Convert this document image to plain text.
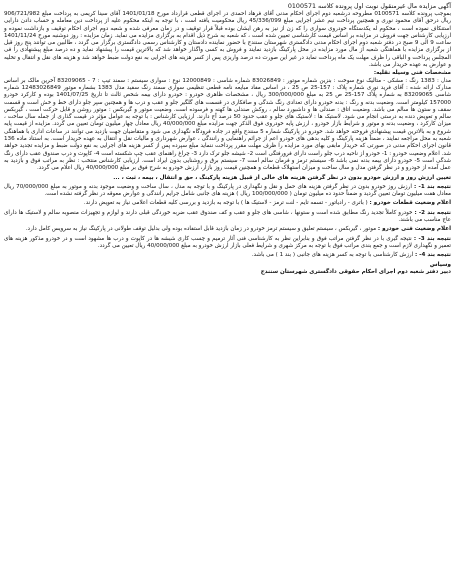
آگهی مزایده مال غیرمنقول نوبت اول پرونده کلاسه 0100571

بموجب پرونده کلاسه 0100571 مطروحه درشعبه دوم اجرای احکام مدنی آقای فرهاد احمدی در اجرای قطعی قرارداد مورخ 1401/01/18 آقای سینا کریمی به پرداخت مبلغ 906/721/982 ریال درحق آقای محمود نوری و همچنین پرداخت نیم عشر اجرایی مبلغ 45/336/099 ریال محکومیت یافته است ، با توجه به اینکه محکوم علیه از پرداخت دین معامله و حساب دادن دارایی استنکاف نموده است ، محکوم له یکدستگاه خودروی سواری را که زن از نیز به رهن ایشان بوده قبلاً قرار توقیف و در زمان معرفی شده و شعبه دوم اجرای احکام توقیف و بازداشت نموده و ارزیابی کارشناس جهت فروش در مزایده بر اساس قیمت کارشناسی تعیین شده است ، که شعبه به شرح ذیل اقدام به برگزاری مزایده می نماید. زمان مزایده : روز دوشنبه مورخ 1401/11/24 ساعت 9 الی 9 صبح در دفتر شعبه دوم اجرای احکام مدنی دادگستری شهرستان سنندج با حضور نماینده دادستان و کارشناس رسمی دادگستری برگزار می گردد ، طالبین می توانند پنج روز قبل از برگزاری مزایده با هماهنگی شعبه از مال مورد مزایده در محل پارکینگ بازدید نمایند و فروش به کسی واگذار خواهد شد که بالاترین قیمت را پیشنهاد نماید و ده درصد مبلغ پیشنهادی را فی المجلس پرداخت و الباقی را ظرف مهلت یک ماه پرداخت نماید در غیر این صورت ده درصد واریزی پس از کسر هزینه های اجرایی به نفع دولت ضبط خواهد شد و هزینه های نقل و انتقال و تخلیه و عوارض به عهده خریدار می باشد.

مشخصات فنی وسیله نقلیه:

مدل : 1383 رنگ : مشکی - متالیک نوع سوخت : بنزین شماره موتور : 83026849 شماره شاسی : 12000849 نوع : سواری سیستم : سمند تیپ : 7 - 83209065 آخرین مالک بر اساس مدارک ارائه شده : آقای فرید نوری شماره پلاک : 157-25 ص 25 ، در اساس مفاد مبایعه نامه قطعی تنظیمی سواری سمند رنگ سفید مدل 1383 بشماره موتور 12483026849 شماره شاسی 83209065 به شماره پلاک 157-25 ص 25 به مبلغ 300/000/000 ریال ، مشخصات ظاهری خودرو : خودرو دارای بیمه شخص ثالث تا تاریخ 1401/07/25 بوده و کارکرد خودرو 157000 کیلومتر است. وضعیت بدنه و رنگ : بدنه خودرو دارای تعدادی رنگ شدگی و صافکاری در قسمت های گلگیر جلو و عقب و درب ها و همچنین سپر جلو دارای خط و خش است و قسمت سقف و ستون ها سالم می باشد. وضعیت اتاق : صندلی ها و داشبورد سالم ، روکش صندلی ها کهنه و فرسوده است. وضعیت موتور و گیربکس : موتور روشن و قابل حرکت است ، گیربکس سالم و تعویض دنده به درستی انجام می شود. لاستیک ها : لاستیک های جلو و عقب حدود 50 درصد آج دارند. ارزیابی کارشناس : با توجه به عوامل مؤثر در قیمت گذاری از جمله سال ساخت ، میزان کارکرد ، وضعیت بدنه و موتور و شرایط بازار خودرو ، ارزش پایه خودروی فوق الذکر جهت مزایده مبلغ 40/000/000 ریال معادل چهار میلیون تومان تعیین می گردد. مزایده از قیمت پایه شروع و به بالاترین قیمت پیشنهادی فروخته خواهد شد. خودرو در پارکینگ شماره 5 سنندج واقع در جاده فرودگاه نگهداری می شود و متقاضیان جهت بازدید می توانند در ساعات اداری با هماهنگی شعبه به محل مراجعه نمایند ، ضمناً هزینه پارکینگ و کلیه بدهی های خودرو اعم از جرائم راهنمایی و رانندگی ، عوارض شهرداری و مالیات نقل و انتقال به عهده خریدار است. به استناد ماده 136 قانون اجرای احکام مدنی در صورتی که خریدار مابقی بهای مورد مزایده را ظرف مهلت مقرر پرداخت ننماید مبلغ سپرده پس از کسر هزینه های اجرایی به نفع دولت ضبط و مزایده تجدید خواهد شد. اعلام وضعیت خودرو : 1- خودرو از ناحیه درب جلو راست دارای فرورفتگی است 2- شیشه جلو ترک دارد 3- چراغ راهنمای عقب چپ شکسته است 4- کاپوت و درب صندوق عقب دارای رنگ شدگی است 5- خودرو دارای بیمه بدنه نمی باشد 6- سیستم ترمز و فرمان سالم است 7- سیستم برق و روشنایی بدون ایراد است. ارزیابی کارشناس منتخب : نظر به مراتب فوق و بازدید به عمل آمده از خودرو و در نظر گرفتن مدل و سال ساخت و میزان استهلاک قطعات و همچنین قیمت روز بازار، ارزش خودرو به شرح فوق بر مبلغ 40/000/000 ریال اعلام می گردد.

تعیین ارزش روز و ارزش خودرو بدون در نظر گرفتن هزینه های خالی از قبیل هزینه پارکینگ ، حق و انتقال ، بیمه ، ثبت ، ...

نتیجه بند 1- : ارزش روز خودرو بدون در نظر گرفتن هزینه های حمل و نقل و نگهداری در پارکینگ و با توجه به مدل ، سال ساخت و وضعیت موجود بدنه و موتور به مبلغ 70/000/000 ریال معادل هفت میلیون تومان تعیین گردید و ضمناً حدود ده میلیون تومان ( 100/000/000 ریال ) هزینه های جانبی شامل جرایم رانندگی و عوارض معوقه در نظر گرفته نشده است.

اعلام وضعیت قطعات خودرو : ( باتری - رادیاتور - تسمه تایم - لنت ترمز - لاستیک ها ) با توجه به بازدید و بررسی کلیه قطعات اعلامی نیاز به تعویض دارند.

نتیجه بند 2- : خودرو کاملاً تجدید رنگ مطابق شده است و ستونها ، شاسی های جلو و عقب و کف صندوق عقب ضربه خوردگی قبلی دارند و لوازم و تجهیزات منصوبه سالم و لاستیک ها دارای عاج مناسب می باشند.

اعلام وضعیت فنی خودرو : موتور ، گیربکس ، سیستم تعلیق و سیستم ترمز خودرو در زمان بازدید قابل استفاده بوده ولی بدلیل توقف طولانی در پارکینگ نیاز به سرویس کامل دارد.

نتیجه بند 3- : نتیجه گیری با در نظر گرفتن مراتب فوق و بنابراین نظر به کارشناسی فنی آثار ترمیم و چسب کاری شیشه ها در کاپوت و درب ها مشهود است و در خودرو مذکور هزینه های تعمیر و نگهداری لازم است و جمع بندی مراتب فوق با توجه به مرکز شهری و شرایط فعلی بازار ارزش خودرو به مبلغ 40/000/000 ریال تعیین می گردد.

نتیجه بند 4- : ارزش کارشناسی با توجه به کسر هزینه های جانبی ( بند 1 ) می باشد.

وسیاس

دبیر دفتر شعبه دوم اجرای احکام حقوقی دادگستری شهرستان سنندج
